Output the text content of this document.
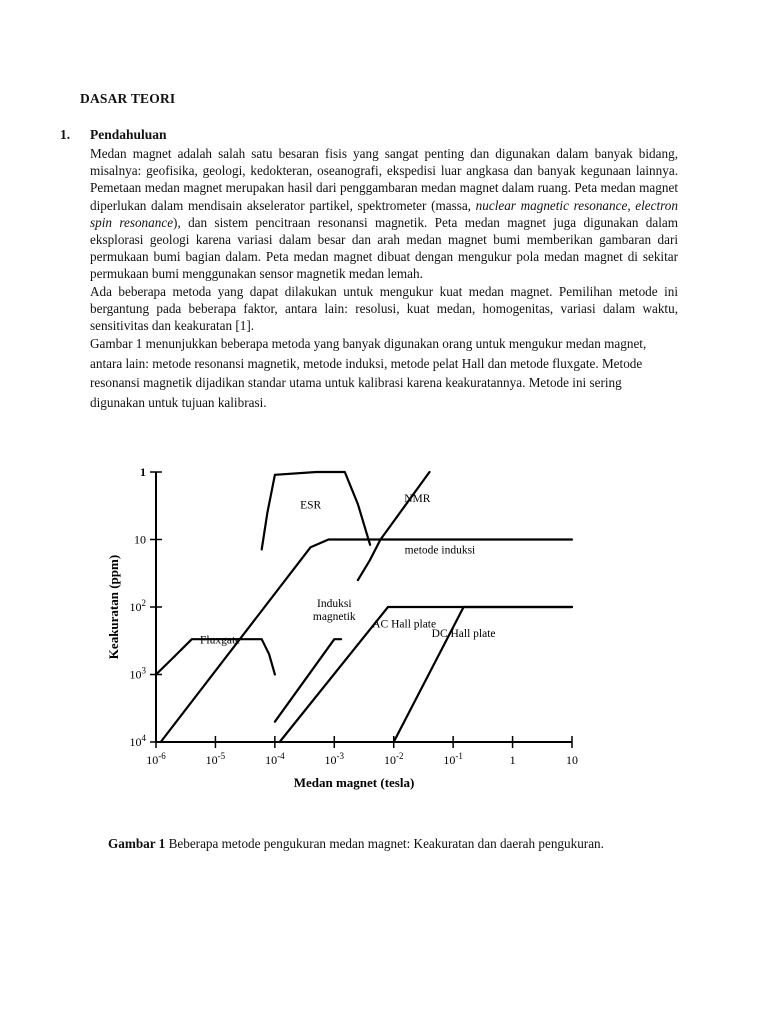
DASAR TEORI
1. Pendahuluan

Medan magnet adalah salah satu besaran fisis yang sangat penting dan digunakan dalam banyak bidang, misalnya: geofisika, geologi, kedokteran, oseanografi, ekspedisi luar angkasa dan banyak kegunaan lainnya. Pemetaan medan magnet merupakan hasil dari penggambaran medan magnet dalam ruang. Peta medan magnet diperlukan dalam mendisain akselerator partikel, spektrometer (massa, nuclear magnetic resonance, electron spin resonance), dan sistem pencitraan resonansi magnetik. Peta medan magnet juga digunakan dalam eksplorasi geologi karena variasi dalam besar dan arah medan magnet bumi memberikan gambaran dari permukaan bumi bagian dalam. Peta medan magnet dibuat dengan mengukur pola medan magnet di sekitar permukaan bumi menggunakan sensor magnetik medan lemah.

Ada beberapa metoda yang dapat dilakukan untuk mengukur kuat medan magnet. Pemilihan metode ini bergantung pada beberapa faktor, antara lain: resolusi, kuat medan, homogenitas, variasi dalam waktu, sensitivitas dan keakuratan [1].

Gambar 1 menunjukkan beberapa metoda yang banyak digunakan orang untuk mengukur medan magnet, antara lain: metode resonansi magnetik, metode induksi, metode pelat Hall dan metode fluxgate. Metode resonansi magnetik dijadikan standar utama untuk kalibrasi karena keakuratannya. Metode ini sering digunakan untuk tujuan kalibrasi.

$10^{-6}$	$10^{-5}$	$10^{-4}$	$10^{-3}$	$10^{-2}$	$10^{-1}$	1	10
1
10
$10^2$
$10^3$
$10^4$
Medan magnet (tesla)
Keakuratan (ppm)
ESR
NMR
metode induksi
Fluxgate
Induksi magnetik
AC Hall plate
DC Hall plate
Gambar 1 Beberapa metode pengukuran medan magnet: Keakuratan dan daerah pengukuran.
